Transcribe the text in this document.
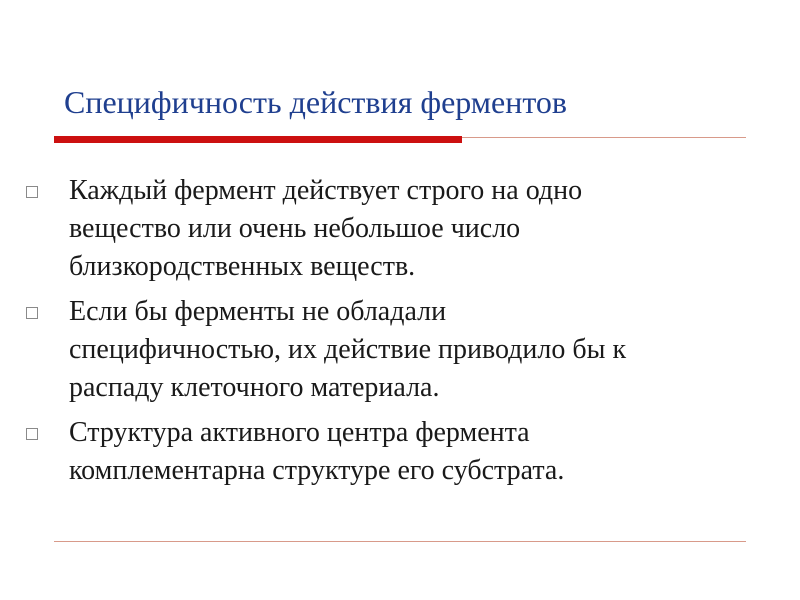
Специфичность действия ферментов
Каждый фермент действует строго на одно
вещество или очень небольшое число
близкородственных веществ.
Если бы ферменты не обладали
специфичностью, их действие приводило бы к
распаду клеточного материала.
Структура активного центра фермента
комплементарна структуре его субстрата.
